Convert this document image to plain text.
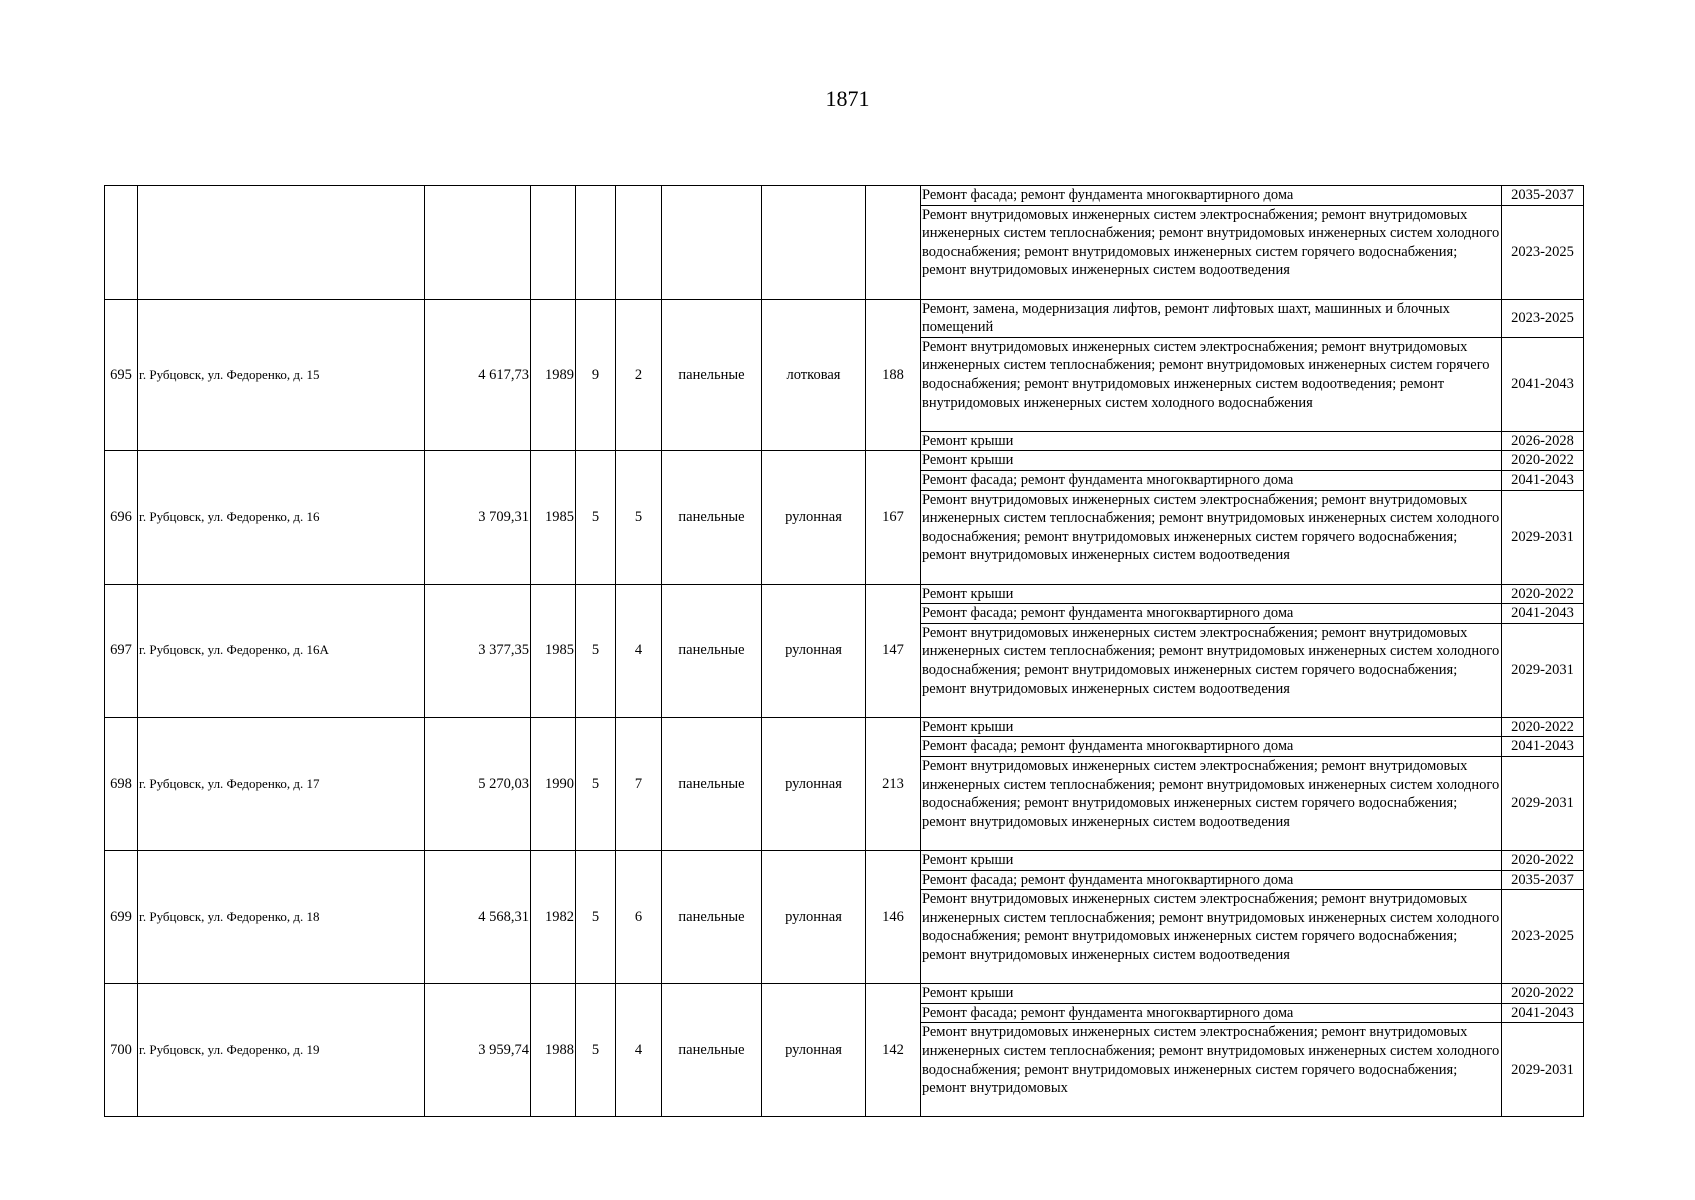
1871
									Ремонт фасада; ремонт фундамента многоквартирного дома	2035-2037
									Ремонт внутридомовых инженерных систем электроснабжения; ремонт внутридомовых инженерных систем теплоснабжения; ремонт внутридомовых инженерных систем холодного водоснабжения; ремонт внутридомовых инженерных систем горячего водоснабжения; ремонт внутридомовых инженерных систем водоотведения	2023-2025
695	г. Рубцовск, ул. Федоренко, д. 15	4 617,73	1989	9	2	панельные	лотковая	188	Ремонт, замена, модернизация лифтов, ремонт лифтовых шахт, машинных и блочных помещений	2023-2025
									Ремонт внутридомовых инженерных систем электроснабжения; ремонт внутридомовых инженерных систем теплоснабжения; ремонт внутридомовых инженерных систем горячего водоснабжения; ремонт внутридомовых инженерных систем водоотведения; ремонт внутридомовых инженерных систем холодного водоснабжения	2041-2043
									Ремонт крыши	2026-2028
696	г. Рубцовск, ул. Федоренко, д. 16	3 709,31	1985	5	5	панельные	рулонная	167	Ремонт крыши	2020-2022
									Ремонт фасада; ремонт фундамента многоквартирного дома	2041-2043
									Ремонт внутридомовых инженерных систем электроснабжения; ремонт внутридомовых инженерных систем теплоснабжения; ремонт внутридомовых инженерных систем холодного водоснабжения; ремонт внутридомовых инженерных систем горячего водоснабжения; ремонт внутридомовых инженерных систем водоотведения	2029-2031
697	г. Рубцовск, ул. Федоренко, д. 16А	3 377,35	1985	5	4	панельные	рулонная	147	Ремонт крыши	2020-2022
									Ремонт фасада; ремонт фундамента многоквартирного дома	2041-2043
									Ремонт внутридомовых инженерных систем электроснабжения; ремонт внутридомовых инженерных систем теплоснабжения; ремонт внутридомовых инженерных систем холодного водоснабжения; ремонт внутридомовых инженерных систем горячего водоснабжения; ремонт внутридомовых инженерных систем водоотведения	2029-2031
698	г. Рубцовск, ул. Федоренко, д. 17	5 270,03	1990	5	7	панельные	рулонная	213	Ремонт крыши	2020-2022
									Ремонт фасада; ремонт фундамента многоквартирного дома	2041-2043
									Ремонт внутридомовых инженерных систем электроснабжения; ремонт внутридомовых инженерных систем теплоснабжения; ремонт внутридомовых инженерных систем холодного водоснабжения; ремонт внутридомовых инженерных систем горячего водоснабжения; ремонт внутридомовых инженерных систем водоотведения	2029-2031
699	г. Рубцовск, ул. Федоренко, д. 18	4 568,31	1982	5	6	панельные	рулонная	146	Ремонт крыши	2020-2022
									Ремонт фасада; ремонт фундамента многоквартирного дома	2035-2037
									Ремонт внутридомовых инженерных систем электроснабжения; ремонт внутридомовых инженерных систем теплоснабжения; ремонт внутридомовых инженерных систем холодного водоснабжения; ремонт внутридомовых инженерных систем горячего водоснабжения; ремонт внутридомовых инженерных систем водоотведения	2023-2025
700	г. Рубцовск, ул. Федоренко, д. 19	3 959,74	1988	5	4	панельные	рулонная	142	Ремонт крыши	2020-2022
									Ремонт фасада; ремонт фундамента многоквартирного дома	2041-2043
									Ремонт внутридомовых инженерных систем электроснабжения; ремонт внутридомовых инженерных систем теплоснабжения; ремонт внутридомовых инженерных систем холодного водоснабжения; ремонт внутридомовых инженерных систем горячего водоснабжения; ремонт внутридомовых	2029-2031
